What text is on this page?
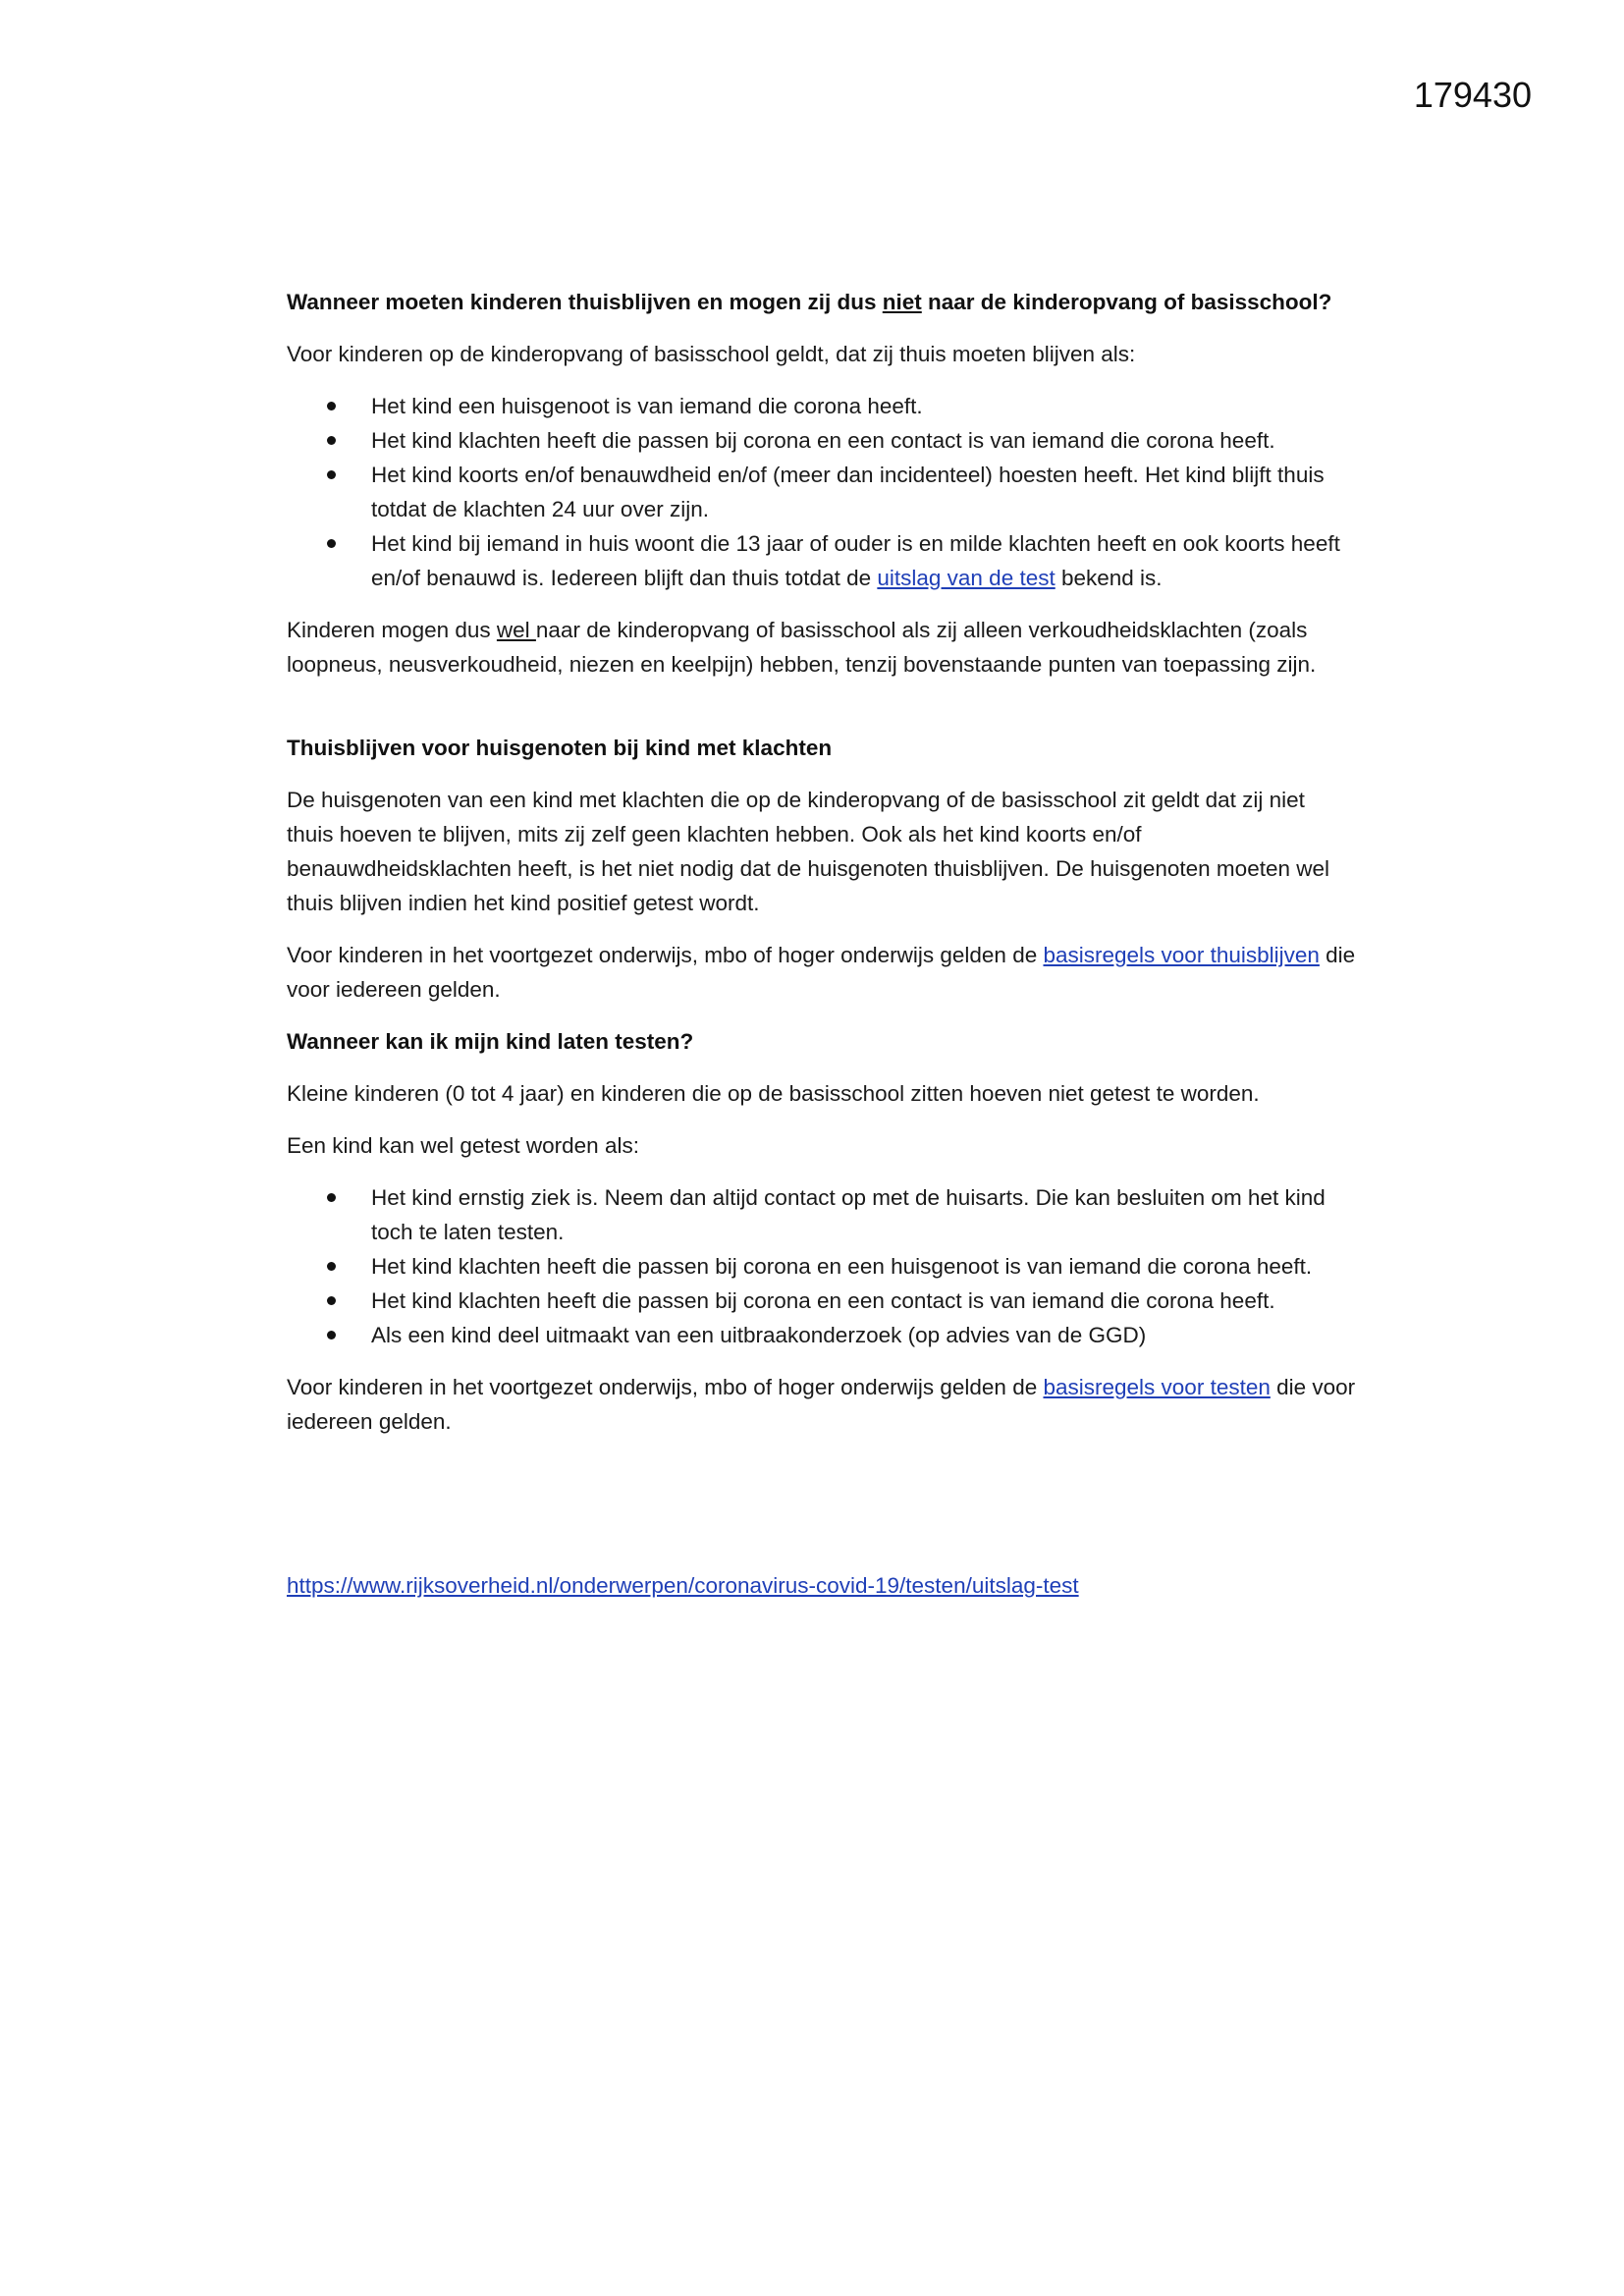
179430

Wanneer moeten kinderen thuisblijven en mogen zij dus niet naar de kinderopvang of basisschool?

Voor kinderen op de kinderopvang of basisschool geldt, dat zij thuis moeten blijven als:

Het kind een huisgenoot is van iemand die corona heeft.
Het kind klachten heeft die passen bij corona en een contact is van iemand die corona heeft.
Het kind koorts en/of benauwdheid en/of (meer dan incidenteel) hoesten heeft. Het kind blijft thuis totdat de klachten 24 uur over zijn.
Het kind bij iemand in huis woont die 13 jaar of ouder is en milde klachten heeft en ook koorts heeft en/of benauwd is. Iedereen blijft dan thuis totdat de uitslag van de test bekend is.

Kinderen mogen dus wel naar de kinderopvang of basisschool als zij alleen verkoudheidsklachten (zoals loopneus, neusverkoudheid, niezen en keelpijn) hebben, tenzij bovenstaande punten van toepassing zijn.

Thuisblijven voor huisgenoten bij kind met klachten

De huisgenoten van een kind met klachten die op de kinderopvang of de basisschool zit geldt dat zij niet thuis hoeven te blijven, mits zij zelf geen klachten hebben. Ook als het kind koorts en/of benauwdheidsklachten heeft, is het niet nodig dat de huisgenoten thuisblijven. De huisgenoten moeten wel thuis blijven indien het kind positief getest wordt.

Voor kinderen in het voortgezet onderwijs, mbo of hoger onderwijs gelden de basisregels voor thuisblijven die voor iedereen gelden.

Wanneer kan ik mijn kind laten testen?

Kleine kinderen (0 tot 4 jaar) en kinderen die op de basisschool zitten hoeven niet getest te worden.

Een kind kan wel getest worden als:

Het kind ernstig ziek is. Neem dan altijd contact op met de huisarts. Die kan besluiten om het kind toch te laten testen.
Het kind klachten heeft die passen bij corona en een huisgenoot is van iemand die corona heeft.
Het kind klachten heeft die passen bij corona en een contact is van iemand die corona heeft.
Als een kind deel uitmaakt van een uitbraakonderzoek (op advies van de GGD)

Voor kinderen in het voortgezet onderwijs, mbo of hoger onderwijs gelden de basisregels voor testen die voor iedereen gelden.

https://www.rijksoverheid.nl/onderwerpen/coronavirus-covid-19/testen/uitslag-test
